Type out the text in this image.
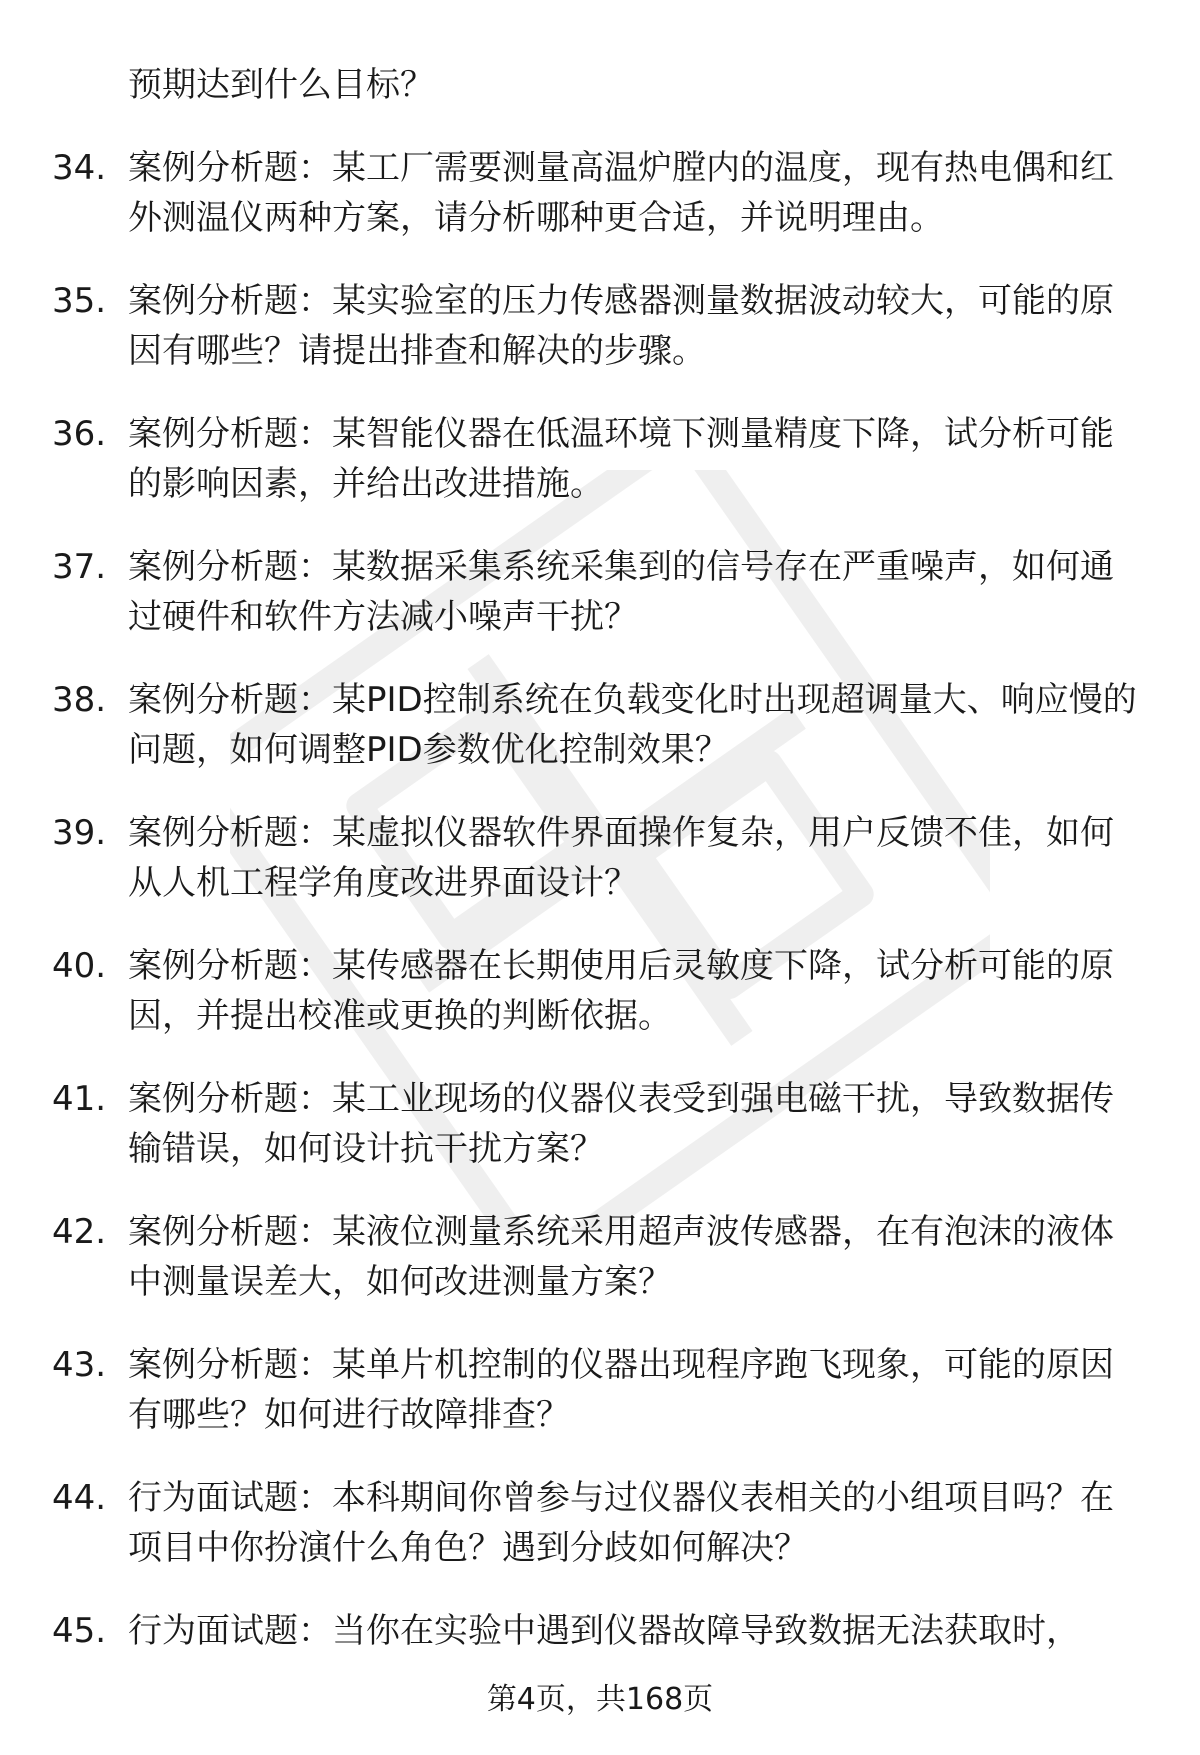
预期达到什么目标？
34. 案例分析题：某工厂需要测量高温炉膛内的温度，现有热电偶和红外测温仪两种方案，请分析哪种更合适，并说明理由。
35. 案例分析题：某实验室的压力传感器测量数据波动较大，可能的原因有哪些？请提出排查和解决的步骤。
36. 案例分析题：某智能仪器在低温环境下测量精度下降，试分析可能的影响因素，并给出改进措施。
37. 案例分析题：某数据采集系统采集到的信号存在严重噪声，如何通过硬件和软件方法减小噪声干扰？
38. 案例分析题：某PID控制系统在负载变化时出现超调量大、响应慢的问题，如何调整PID参数优化控制效果？
39. 案例分析题：某虚拟仪器软件界面操作复杂，用户反馈不佳，如何从人机工程学角度改进界面设计？
40. 案例分析题：某传感器在长期使用后灵敏度下降，试分析可能的原因，并提出校准或更换的判断依据。
41. 案例分析题：某工业现场的仪器仪表受到强电磁干扰，导致数据传输错误，如何设计抗干扰方案？
42. 案例分析题：某液位测量系统采用超声波传感器，在有泡沫的液体中测量误差大，如何改进测量方案？
43. 案例分析题：某单片机控制的仪器出现程序跑飞现象，可能的原因有哪些？如何进行故障排查？
44. 行为面试题：本科期间你曾参与过仪器仪表相关的小组项目吗？在项目中你扮演什么角色？遇到分歧如何解决？
45. 行为面试题：当你在实验中遇到仪器故障导致数据无法获取时，
第4页，共168页
